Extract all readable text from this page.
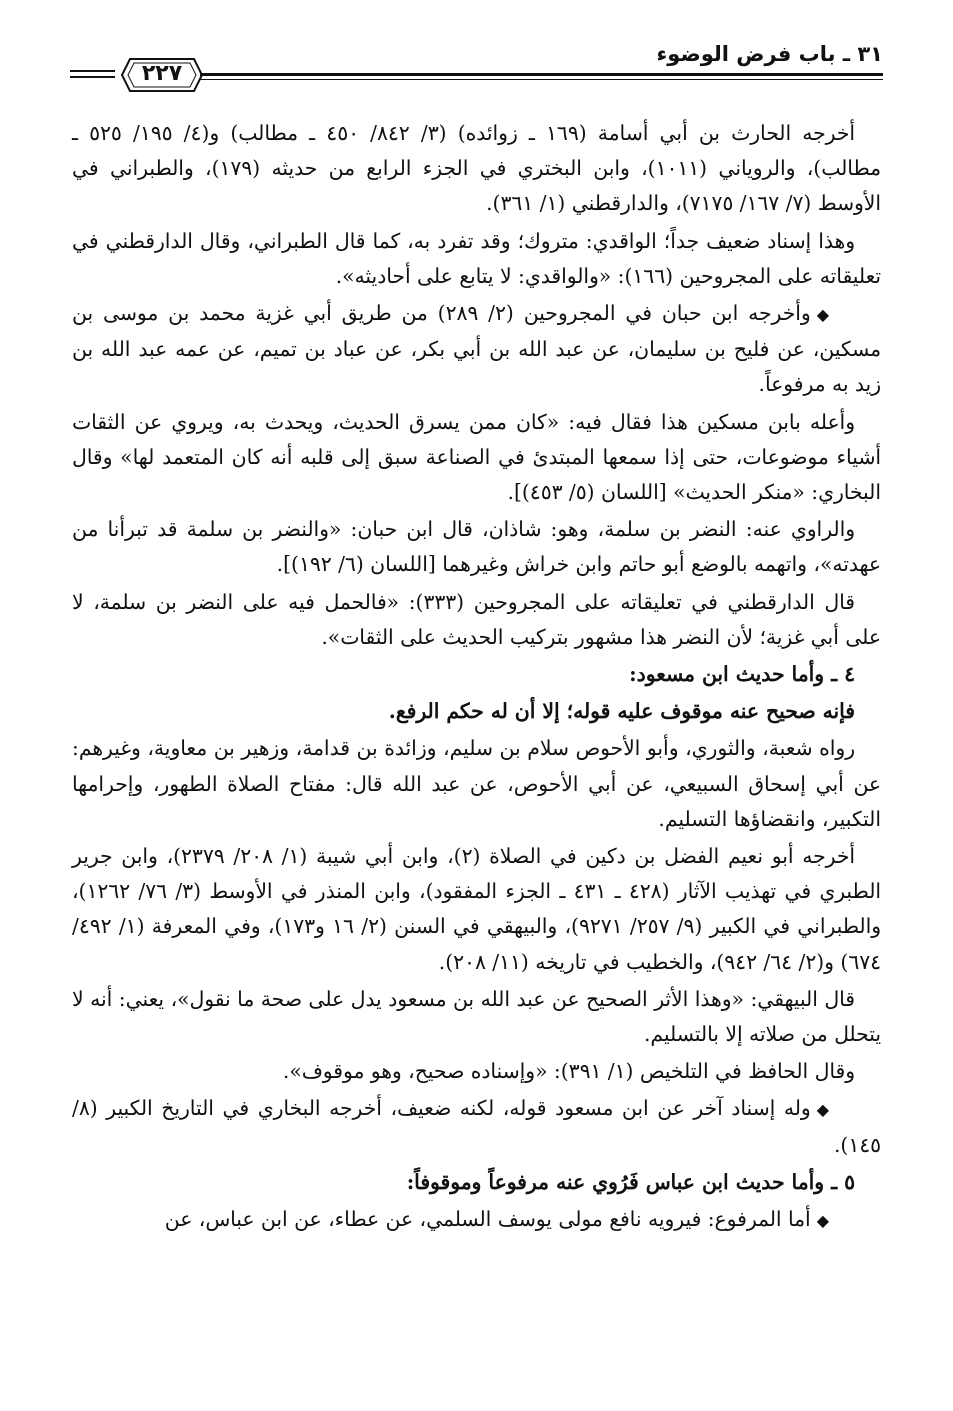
٣١ ـ باب فرض الوضوء
٢٢٧

أخرجه الحارث بن أبي أسامة (١٦٩ ـ زوائده) (٣/ ٨٤٢/ ٤٥٠ ـ مطالب) و(٤/ ١٩٥/ ٥٢٥ ـ مطالب)، والروياني (١٠١١)، وابن البختري في الجزء الرابع من حديثه (١٧٩)، والطبراني في الأوسط (٧/ ١٦٧/ ٧١٧٥)، والدارقطني (١/ ٣٦١).

وهذا إسناد ضعيف جداً؛ الواقدي: متروك؛ وقد تفرد به، كما قال الطبراني، وقال الدارقطني في تعليقاته على المجروحين (١٦٦): «والواقدي: لا يتابع على أحاديثه».

◆وأخرجه ابن حبان في المجروحين (٢/ ٢٨٩) من طريق أبي غزية محمد بن موسى بن مسكين، عن فليح بن سليمان، عن عبد الله بن أبي بكر، عن عباد بن تميم، عن عمه عبد الله بن زيد به مرفوعاً.

وأعله بابن مسكين هذا فقال فيه: «كان ممن يسرق الحديث، ويحدث به، ويروي عن الثقات أشياء موضوعات، حتى إذا سمعها المبتدئ في الصناعة سبق إلى قلبه أنه كان المتعمد لها» وقال البخاري: «منكر الحديث» [اللسان (٥/ ٤٥٣)].

والراوي عنه: النضر بن سلمة، وهو: شاذان، قال ابن حبان: «والنضر بن سلمة قد تبرأنا من عهدته»، واتهمه بالوضع أبو حاتم وابن خراش وغيرهما [اللسان (٦/ ١٩٢)].

قال الدارقطني في تعليقاته على المجروحين (٣٣٣): «فالحمل فيه على النضر بن سلمة، لا على أبي غزية؛ لأن النضر هذا مشهور بتركيب الحديث على الثقات».

٤ ـ وأما حديث ابن مسعود:

فإنه صحيح عنه موقوف عليه قوله؛ إلا أن له حكم الرفع.

رواه شعبة، والثوري، وأبو الأحوص سلام بن سليم، وزائدة بن قدامة، وزهير بن معاوية، وغيرهم: عن أبي إسحاق السبيعي، عن أبي الأحوص، عن عبد الله قال: مفتاح الصلاة الطهور، وإحرامها التكبير، وانقضاؤها التسليم.

أخرجه أبو نعيم الفضل بن دكين في الصلاة (٢)، وابن أبي شيبة (١/ ٢٠٨/ ٢٣٧٩)، وابن جرير الطبري في تهذيب الآثار (٤٢٨ ـ ٤٣١ ـ الجزء المفقود)، وابن المنذر في الأوسط (٣/ ٧٦/ ١٢٦٢)، والطبراني في الكبير (٩/ ٢٥٧/ ٩٢٧١)، والبيهقي في السنن (٢/ ١٦ و١٧٣)، وفي المعرفة (١/ ٤٩٢/ ٦٧٤) و(٢/ ٦٤/ ٩٤٢)، والخطيب في تاريخه (١١/ ٢٠٨).

قال البيهقي: «وهذا الأثر الصحيح عن عبد الله بن مسعود يدل على صحة ما نقول»، يعني: أنه لا يتحلل من صلاته إلا بالتسليم.

وقال الحافظ في التلخيص (١/ ٣٩١): «وإسناده صحيح، وهو موقوف».

◆وله إسناد آخر عن ابن مسعود قوله، لكنه ضعيف، أخرجه البخاري في التاريخ الكبير (٨/ ١٤٥).

٥ ـ وأما حديث ابن عباس فَرُوي عنه مرفوعاً وموقوفاً:

◆أما المرفوع: فيرويه نافع مولى يوسف السلمي، عن عطاء، عن ابن عباس، عن
